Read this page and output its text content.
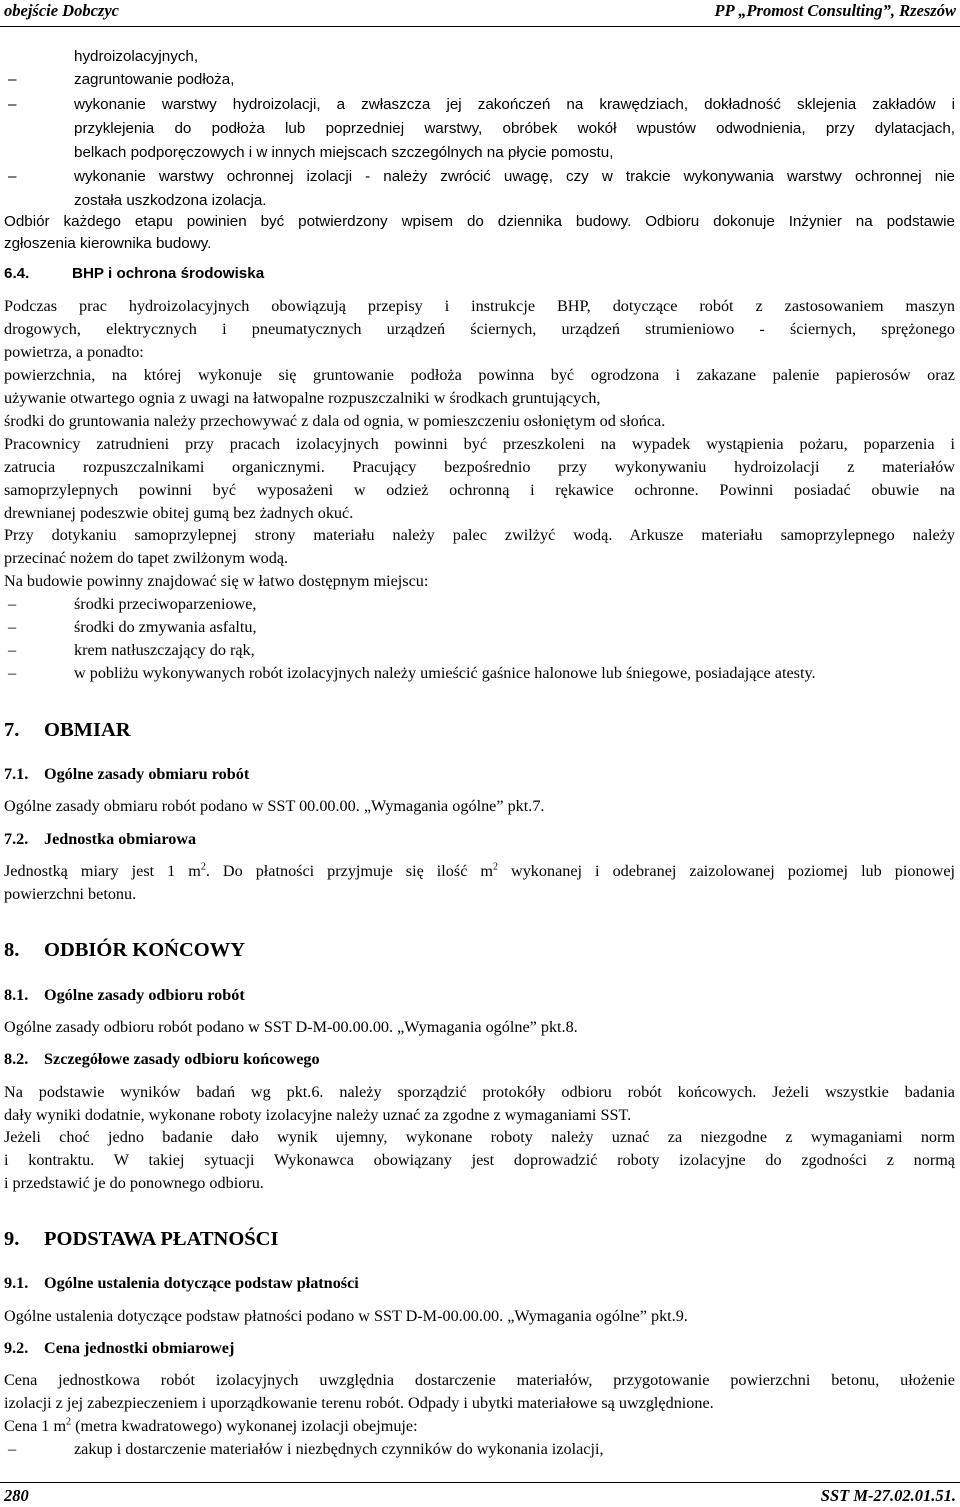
obejście Dobczyc	PP „Promost Consulting”, Rzeszów
hydroizolacyjnych,
–	zagruntowanie podłoża,
–	wykonanie warstwy hydroizolacji, a zwłaszcza jej zakończeń na krawędziach, dokładność sklejenia zakładów i
przyklejenia do podłoża lub poprzedniej warstwy, obróbek wokół wpustów odwodnienia, przy dylatacjach,
belkach podporęczowych i w innych miejscach szczególnych na płycie pomostu,
–	wykonanie warstwy ochronnej izolacji - należy zwrócić uwagę, czy w trakcie wykonywania warstwy ochronnej nie
została uszkodzona izolacja.
Odbiór każdego etapu powinien być potwierdzony wpisem do dziennika budowy. Odbioru dokonuje Inżynier na podstawie
zgłoszenia kierownika budowy.
6.4.	BHP i ochrona środowiska
Podczas prac hydroizolacyjnych obowiązują przepisy i instrukcje BHP, dotyczące robót z zastosowaniem maszyn
drogowych, elektrycznych i pneumatycznych urządzeń ściernych, urządzeń strumieniowo - ściernych, sprężonego
powietrza, a ponadto:
powierzchnia, na której wykonuje się gruntowanie podłoża powinna być ogrodzona i zakazane palenie papierosów oraz
używanie otwartego ognia z uwagi na łatwopalne rozpuszczalniki w środkach gruntujących,
środki do gruntowania należy przechowywać z dala od ognia, w pomieszczeniu osłoniętym od słońca.
Pracownicy zatrudnieni przy pracach izolacyjnych powinni być przeszkoleni na wypadek wystąpienia pożaru, poparzenia i
zatrucia rozpuszczalnikami organicznymi. Pracujący bezpośrednio przy wykonywaniu hydroizolacji z materiałów
samoprzylepnych powinni być wyposażeni w odzież ochronną i rękawice ochronne. Powinni posiadać obuwie na
drewnianej podeszwie obitej gumą bez żadnych okuć.
Przy dotykaniu samoprzylepnej strony materiału należy palec zwilżyć wodą. Arkusze materiału samoprzylepnego należy
przecinać nożem do tapet zwilżonym wodą.
Na budowie powinny znajdować się w łatwo dostępnym miejscu:
–	środki przeciwoparzeniowe,
–	środki do zmywania asfaltu,
–	krem natłuszczający do rąk,
–	w pobliżu wykonywanych robót izolacyjnych należy umieścić gaśnice halonowe lub śniegowe, posiadające atesty.
7. OBMIAR
7.1. Ogólne zasady obmiaru robót
Ogólne zasady obmiaru robót podano w SST 00.00.00. „Wymagania ogólne” pkt.7.
7.2. Jednostka obmiarowa
Jednostką miary jest 1 $m^2$. Do płatności przyjmuje się ilość $m^2$ wykonanej i odebranej zaizolowanej poziomej lub pionowej
powierzchni betonu.
8. ODBIÓR KOŃCOWY
8.1. Ogólne zasady odbioru robót
Ogólne zasady odbioru robót podano w SST D-M-00.00.00. „Wymagania ogólne” pkt.8.
8.2. Szczegółowe zasady odbioru końcowego
Na podstawie wyników badań wg pkt.6. należy sporządzić protokóły odbioru robót końcowych. Jeżeli wszystkie badania
dały wyniki dodatnie, wykonane roboty izolacyjne należy uznać za zgodne z wymaganiami SST.
Jeżeli choć jedno badanie dało wynik ujemny, wykonane roboty należy uznać za niezgodne z wymaganiami norm
i kontraktu. W takiej sytuacji Wykonawca obowiązany jest doprowadzić roboty izolacyjne do zgodności z normą
i przedstawić je do ponownego odbioru.
9. PODSTAWA PŁATNOŚCI
9.1. Ogólne ustalenia dotyczące podstaw płatności
Ogólne ustalenia dotyczące podstaw płatności podano w SST D-M-00.00.00. „Wymagania ogólne” pkt.9.
9.2. Cena jednostki obmiarowej
Cena jednostkowa robót izolacyjnych uwzględnia dostarczenie materiałów, przygotowanie powierzchni betonu, ułożenie
izolacji z jej zabezpieczeniem i uporządkowanie terenu robót. Odpady i ubytki materiałowe są uwzględnione.
Cena 1 $m^2$ (metra kwadratowego) wykonanej izolacji obejmuje:
–	zakup i dostarczenie materiałów i niezbędnych czynników do wykonania izolacji,
280	SST M-27.02.01.51.
